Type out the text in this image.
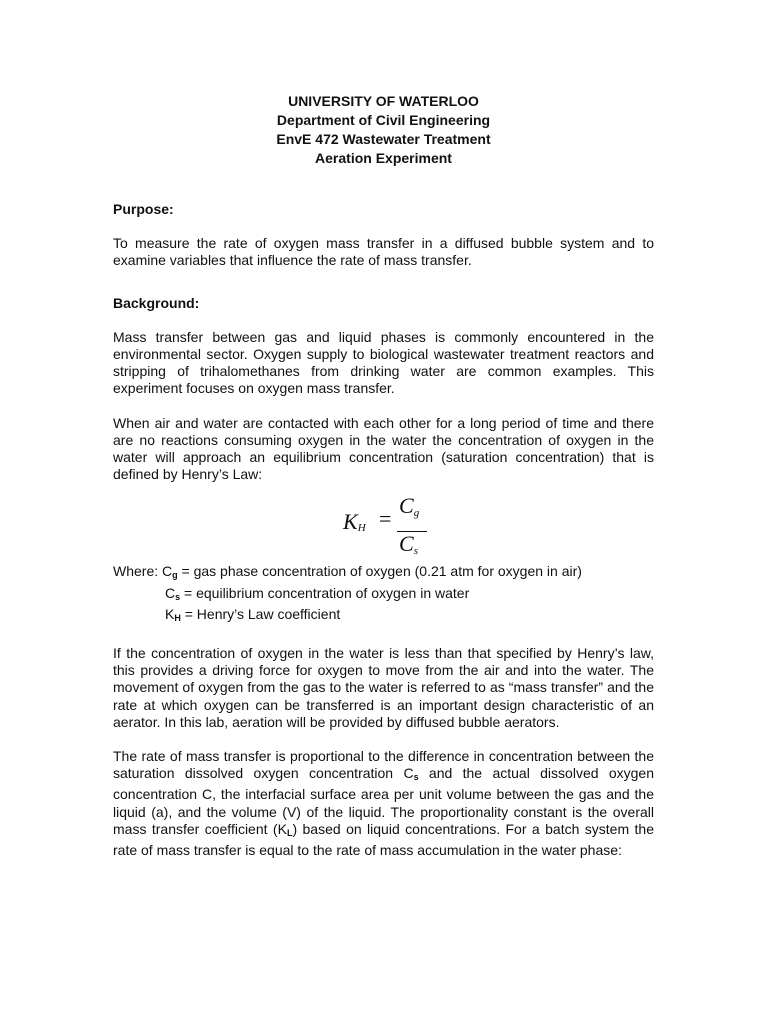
UNIVERSITY OF WATERLOO
Department of Civil Engineering
EnvE 472 Wastewater Treatment
Aeration Experiment
Purpose:
To measure the rate of oxygen mass transfer in a diffused bubble system and to examine variables that influence the rate of mass transfer.
Background:
Mass transfer between gas and liquid phases is commonly encountered in the environmental sector. Oxygen supply to biological wastewater treatment reactors and stripping of trihalomethanes from drinking water are common examples. This experiment focuses on oxygen mass transfer.
When air and water are contacted with each other for a long period of time and there are no reactions consuming oxygen in the water the concentration of oxygen in the water will approach an equilibrium concentration (saturation concentration) that is defined by Henry’s Law:
$K_H$ =
$C_g$
$C_s$
Where: $C_g$ = gas phase concentration of oxygen (0.21 atm for oxygen in air)
$C_s$ = equilibrium concentration of oxygen in water
$K_H$ = Henry’s Law coefficient
If the concentration of oxygen in the water is less than that specified by Henry’s law, this provides a driving force for oxygen to move from the air and into the water. The movement of oxygen from the gas to the water is referred to as “mass transfer” and the rate at which oxygen can be transferred is an important design characteristic of an aerator. In this lab, aeration will be provided by diffused bubble aerators.
The rate of mass transfer is proportional to the difference in concentration between the saturation dissolved oxygen concentration $C_s$ and the actual dissolved oxygen concentration C, the interfacial surface area per unit volume between the gas and the liquid (a), and the volume (V) of the liquid. The proportionality constant is the overall mass transfer coefficient $(K_L)$ based on liquid concentrations. For a batch system the rate of mass transfer is equal to the rate of mass accumulation in the water phase:
